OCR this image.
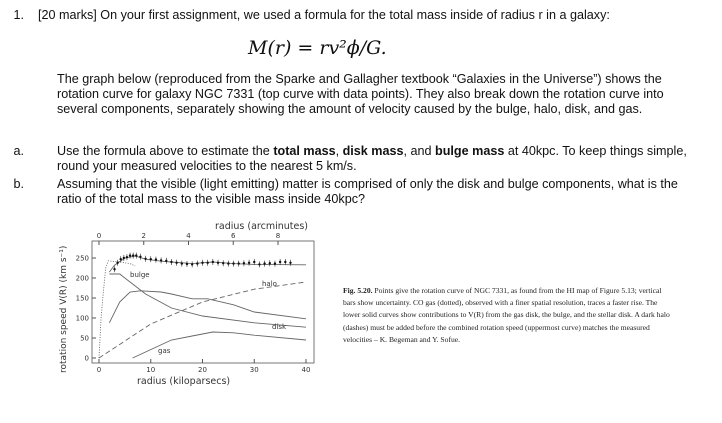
1. [20 marks] On your first assignment, we used a formula for the total mass inside of radius r in a galaxy:
M(r) = rv²ϕ/G.
The graph below (reproduced from the Sparke and Gallagher textbook “Galaxies in the Universe”) shows the rotation curve for galaxy NGC 7331 (top curve with data points). They also break down the rotation curve into several components, separately showing the amount of velocity caused by the bulge, halo, disk, and gas.
a.	Use the formula above to estimate the total mass, disk mass, and bulge mass at 40kpc. To keep things simple, round your measured velocities to the nearest 5 km/s.
b.	Assuming that the visible (light emitting) matter is comprised of only the disk and bulge components, what is the ratio of the total mass to the visible mass inside 40kpc?
0	10	20	30	40
0
50
100
150
200
250
0	2	4	6	8
radius (arcminutes)
radius (kiloparsecs)
rotation speed V(R) (km s⁻¹)	bulge
halo
disk
gas
Fig. 5.20. Points give the rotation curve of NGC 7331, as found from the HI map of Figure 5.13; vertical bars show uncertainty. CO gas (dotted), observed with a finer spatial resolution, traces a faster rise. The lower solid curves show contributions to V(R) from the gas disk, the bulge, and the stellar disk. A dark halo (dashes) must be added before the combined rotation speed (uppermost curve) matches the measured velocities – K. Begeman and Y. Sofue.
